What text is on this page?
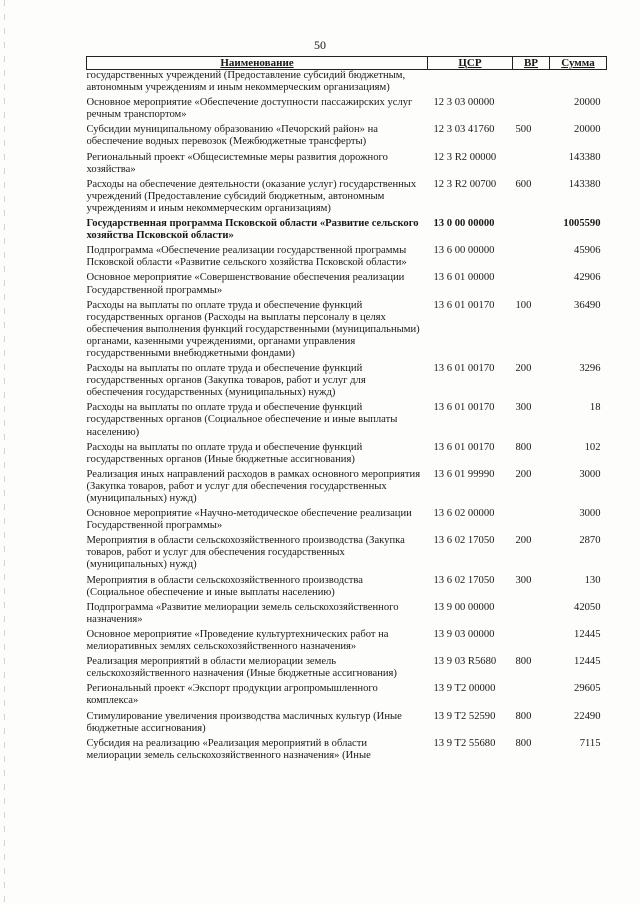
50
Наименование	ЦСР	ВР	Сумма
государственных учреждений (Предоставление субсидий бюджетным, автономным учреждениям и иным некоммерческим организациям)			
Основное мероприятие «Обеспечение доступности пассажирских услуг речным транспортом»	12 3 03 00000		20000
Субсидии муниципальному образованию «Печорский район» на обеспечение водных перевозок (Межбюджетные трансферты)	12 3 03 41760	500	20000
Региональный проект «Общесистемные меры развития дорожного хозяйства»	12 3 R2 00000		143380
Расходы на обеспечение деятельности (оказание услуг) государственных учреждений (Предоставление субсидий бюджетным, автономным учреждениям и иным некоммерческим организациям)	12 3 R2 00700	600	143380
Государственная программа Псковской области «Развитие сельского хозяйства Псковской области»	13 0 00 00000		1005590
Подпрограмма «Обеспечение реализации государственной программы Псковской области «Развитие сельского хозяйства Псковской области»	13 6 00 00000		45906
Основное мероприятие «Совершенствование обеспечения реализации Государственной программы»	13 6 01 00000		42906
Расходы на выплаты по оплате труда и обеспечение функций государственных органов (Расходы на выплаты персоналу в целях обеспечения выполнения функций государственными (муниципальными) органами, казенными учреждениями, органами управления государственными внебюджетными фондами)	13 6 01 00170	100	36490
Расходы на выплаты по оплате труда и обеспечение функций государственных органов (Закупка товаров, работ и услуг для обеспечения государственных (муниципальных) нужд)	13 6 01 00170	200	3296
Расходы на выплаты по оплате труда и обеспечение функций государственных органов (Социальное обеспечение и иные выплаты населению)	13 6 01 00170	300	18
Расходы на выплаты по оплате труда и обеспечение функций государственных органов (Иные бюджетные ассигнования)	13 6 01 00170	800	102
Реализация иных направлений расходов в рамках основного мероприятия (Закупка товаров, работ и услуг для обеспечения государственных (муниципальных) нужд)	13 6 01 99990	200	3000
Основное мероприятие «Научно-методическое обеспечение реализации Государственной программы»	13 6 02 00000		3000
Мероприятия в области сельскохозяйственного производства (Закупка товаров, работ и услуг для обеспечения государственных (муниципальных) нужд)	13 6 02 17050	200	2870
Мероприятия в области сельскохозяйственного производства (Социальное обеспечение и иные выплаты населению)	13 6 02 17050	300	130
Подпрограмма «Развитие мелиорации земель сельскохозяйственного назначения»	13 9 00 00000		42050
Основное мероприятие «Проведение культуртехнических работ на мелиоративных землях сельскохозяйственного назначения»	13 9 03 00000		12445
Реализация мероприятий в области мелиорации земель сельскохозяйственного назначения (Иные бюджетные ассигнования)	13 9 03 R5680	800	12445
Региональный проект «Экспорт продукции агропромышленного комплекса»	13 9 T2 00000		29605
Стимулирование увеличения производства масличных культур (Иные бюджетные ассигнования)	13 9 T2 52590	800	22490
Субсидия на реализацию «Реализация мероприятий в области мелиорации земель сельскохозяйственного назначения» (Иные	13 9 T2 55680	800	7115
